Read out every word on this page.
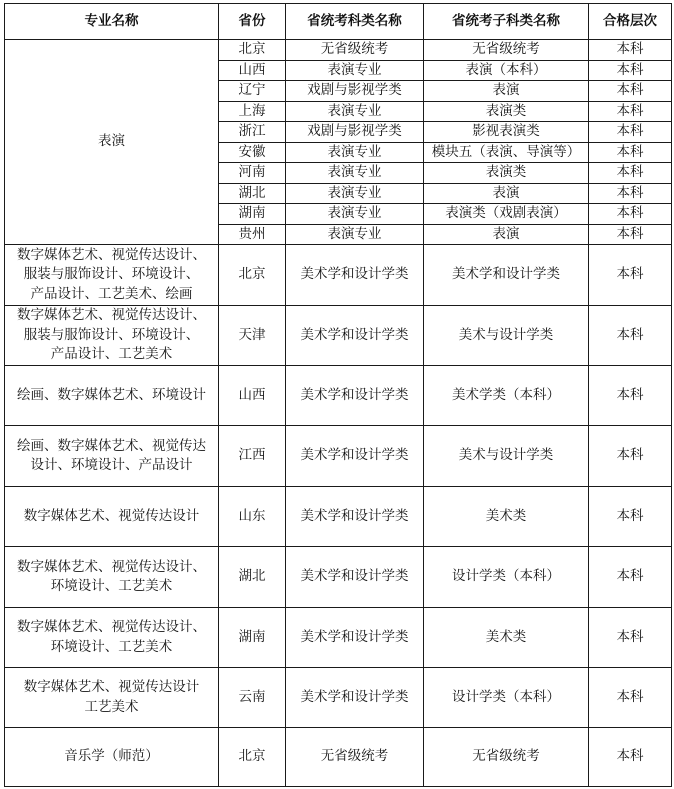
专业名称	省份	省统考科类名称	省统考子科类名称	合格层次
表演	北京	无省级统考	无省级统考	本科
	山西	表演专业	表演（本科）	本科
	辽宁	戏剧与影视学类	表演	本科
	上海	表演专业	表演类	本科
	浙江	戏剧与影视学类	影视表演类	本科
	安徽	表演专业	模块五（表演、导演等）	本科
	河南	表演专业	表演类	本科
	湖北	表演专业	表演	本科
	湖南	表演专业	表演类（戏剧表演）	本科
	贵州	表演专业	表演	本科
数字媒体艺术、视觉传达设计、
服装与服饰设计、环境设计、
产品设计、工艺美术、绘画	北京	美术学和设计学类	美术学和设计学类	本科
数字媒体艺术、视觉传达设计、
服装与服饰设计、环境设计、
产品设计、工艺美术	天津	美术学和设计学类	美术与设计学类	本科
绘画、数字媒体艺术、环境设计	山西	美术学和设计学类	美术学类（本科）	本科
绘画、数字媒体艺术、视觉传达
设计、环境设计、产品设计	江西	美术学和设计学类	美术与设计学类	本科
数字媒体艺术、视觉传达设计	山东	美术学和设计学类	美术类	本科
数字媒体艺术、视觉传达设计、
环境设计、工艺美术	湖北	美术学和设计学类	设计学类（本科）	本科
数字媒体艺术、视觉传达设计、
环境设计、工艺美术	湖南	美术学和设计学类	美术类	本科
数字媒体艺术、视觉传达设计
工艺美术	云南	美术学和设计学类	设计学类（本科）	本科
音乐学（师范）	北京	无省级统考	无省级统考	本科
